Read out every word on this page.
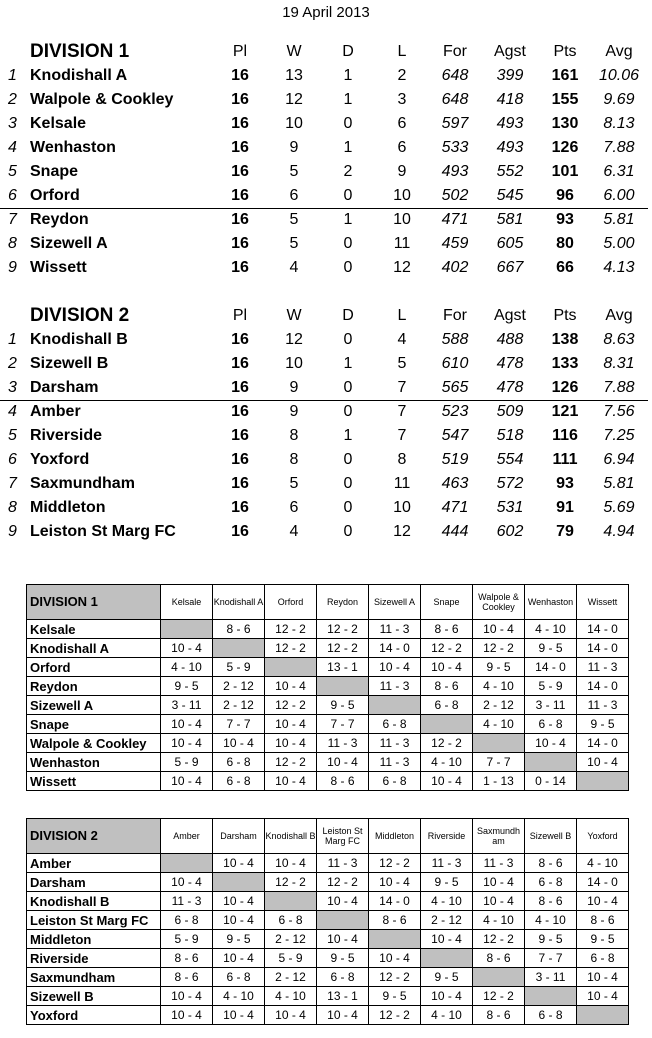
19 April 2013
DIVISION 1	Pl	W	D	L	For	Agst	Pts	Avg
1 Knodishall A	16	13	1	2	648	399	161	10.06
2 Walpole & Cookley	16	12	1	3	648	418	155	9.69
3 Kelsale	16	10	0	6	597	493	130	8.13
4 Wenhaston	16	9	1	6	533	493	126	7.88
5 Snape	16	5	2	9	493	552	101	6.31
6 Orford	16	6	0	10	502	545	96	6.00
7 Reydon	16	5	1	10	471	581	93	5.81
8 Sizewell A	16	5	0	11	459	605	80	5.00
9 Wissett	16	4	0	12	402	667	66	4.13
DIVISION 2	Pl	W	D	L	For	Agst	Pts	Avg
1 Knodishall B	16	12	0	4	588	488	138	8.63
2 Sizewell B	16	10	1	5	610	478	133	8.31
3 Darsham	16	9	0	7	565	478	126	7.88
4 Amber	16	9	0	7	523	509	121	7.56
5 Riverside	16	8	1	7	547	518	116	7.25
6 Yoxford	16	8	0	8	519	554	111	6.94
7 Saxmundham	16	5	0	11	463	572	93	5.81
8 Middleton	16	6	0	10	471	531	91	5.69
9 Leiston St Marg FC	16	4	0	12	444	602	79	4.94
DIVISION 1	Kelsale	Knodishall A	Orford	Reydon	Sizewell A	Snape	Walpole & Cookley	Wenhaston	Wissett
Kelsale		8 - 6	12 - 2	12 - 2	11 - 3	8 - 6	10 - 4	4 - 10	14 - 0
Knodishall A	10 - 4		12 - 2	12 - 2	14 - 0	12 - 2	12 - 2	9 - 5	14 - 0
Orford	4 - 10	5 - 9		13 - 1	10 - 4	10 - 4	9 - 5	14 - 0	11 - 3
Reydon	9 - 5	2 - 12	10 - 4		11 - 3	8 - 6	4 - 10	5 - 9	14 - 0
Sizewell A	3 - 11	2 - 12	12 - 2	9 - 5		6 - 8	2 - 12	3 - 11	11 - 3
Snape	10 - 4	7 - 7	10 - 4	7 - 7	6 - 8		4 - 10	6 - 8	9 - 5
Walpole & Cookley	10 - 4	10 - 4	10 - 4	11 - 3	11 - 3	12 - 2		10 - 4	14 - 0
Wenhaston	5 - 9	6 - 8	12 - 2	10 - 4	11 - 3	4 - 10	7 - 7		10 - 4
Wissett	10 - 4	6 - 8	10 - 4	8 - 6	6 - 8	10 - 4	1 - 13	0 - 14	
DIVISION 2	Amber	Darsham	Knodishall B	Leiston St Marg FC	Middleton	Riverside	Saxmundh am	Sizewell B	Yoxford
Amber		10 - 4	10 - 4	11 - 3	12 - 2	11 - 3	11 - 3	8 - 6	4 - 10
Darsham	10 - 4		12 - 2	12 - 2	10 - 4	9 - 5	10 - 4	6 - 8	14 - 0
Knodishall B	11 - 3	10 - 4		10 - 4	14 - 0	4 - 10	10 - 4	8 - 6	10 - 4
Leiston St Marg FC	6 - 8	10 - 4	6 - 8		8 - 6	2 - 12	4 - 10	4 - 10	8 - 6
Middleton	5 - 9	9 - 5	2 - 12	10 - 4		10 - 4	12 - 2	9 - 5	9 - 5
Riverside	8 - 6	10 - 4	5 - 9	9 - 5	10 - 4		8 - 6	7 - 7	6 - 8
Saxmundham	8 - 6	6 - 8	2 - 12	6 - 8	12 - 2	9 - 5		3 - 11	10 - 4
Sizewell B	10 - 4	4 - 10	4 - 10	13 - 1	9 - 5	10 - 4	12 - 2		10 - 4
Yoxford	10 - 4	10 - 4	10 - 4	10 - 4	12 - 2	4 - 10	8 - 6	6 - 8	
